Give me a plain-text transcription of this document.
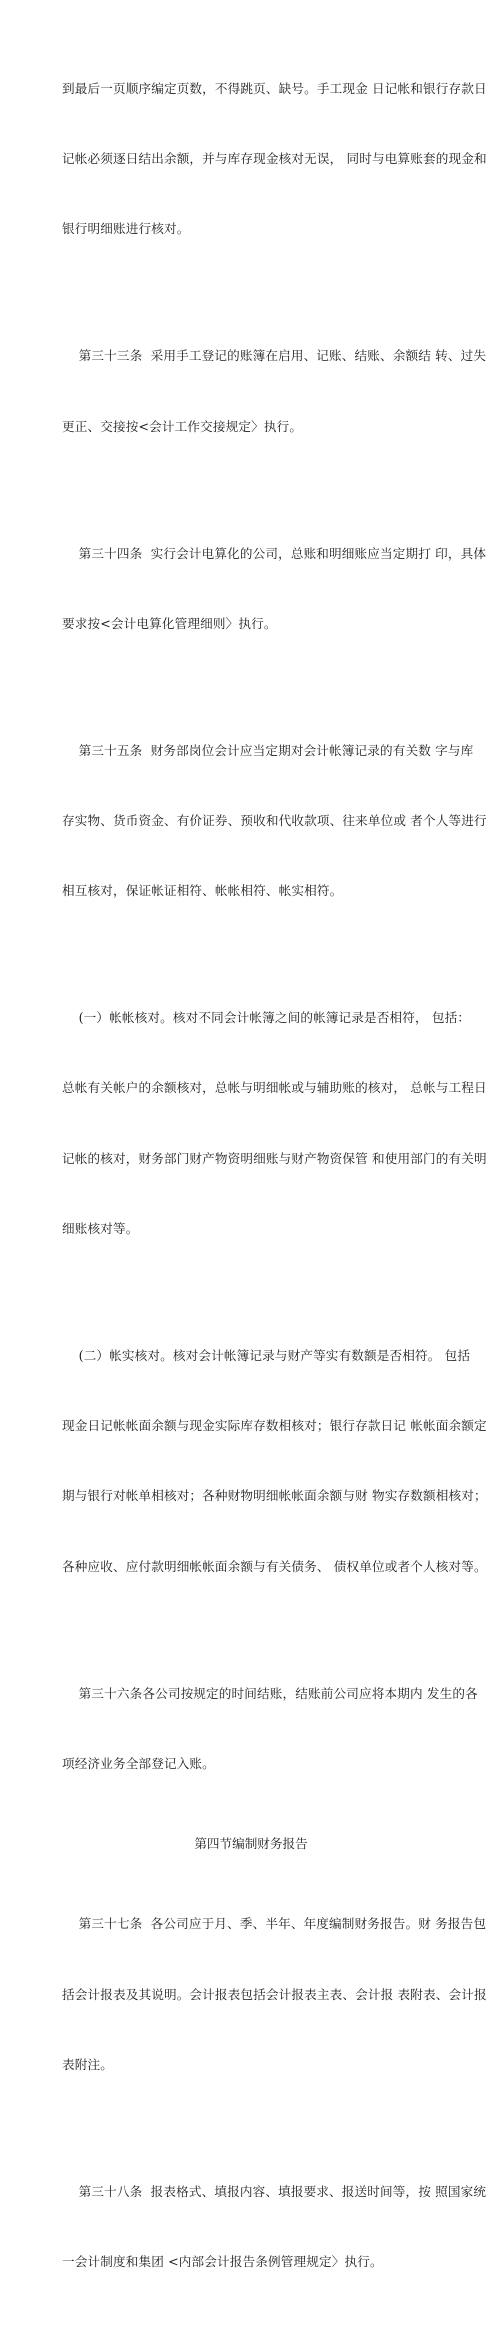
到最后一页顺序编定页数，不得跳页、缺号。手工现金 日记帐和银行存款日

记帐必须逐日结出余额，并与库存现金核对无误， 同时与电算账套的现金和

银行明细账进行核对。

第三十三条  采用手工登记的账簿在启用、记账、结账、余额结 转、过失

更正、交接按<会计工作交接规定〉执行。

第三十四条  实行会计电算化的公司，总账和明细账应当定期打 印，具体

要求按<会计电算化管理细则〉执行。

第三十五条  财务部岗位会计应当定期对会计帐簿记录的有关数 字与库

存实物、货币资金、有价证券、预收和代收款项、往来单位或 者个人等进行

相互核对，保证帐证相符、帐帐相符、帐实相符。

(一）帐帐核对。核对不同会计帐簿之间的帐簿记录是否相符， 包括：

总帐有关帐户的余额核对，总帐与明细帐或与辅助账的核对， 总帐与工程日

记帐的核对，财务部门财产物资明细账与财产物资保管 和使用部门的有关明

细账核对等。

(二）帐实核对。核对会计帐簿记录与财产等实有数额是否相符。 包括

现金日记帐帐面余额与现金实际库存数相核对；银行存款日记 帐帐面余额定

期与银行对帐单相核对；各种财物明细帐帐面余额与财 物实存数额相核对；

各种应收、应付款明细帐帐面余额与有关债务、 债权单位或者个人核对等。

第三十六条各公司按规定的时间结账，结账前公司应将本期内 发生的各

项经济业务全部登记入账。

第四节编制财务报告

第三十七条  各公司应于月、季、半年、年度编制财务报告。财 务报告包

括会计报表及其说明。会计报表包括会计报表主表、会计报 表附表、会计报

表附注。

第三十八条  报表格式、填报内容、填报要求、报送时间等，按 照国家统

一会计制度和集团 <内部会计报告条例管理规定〉执行。
